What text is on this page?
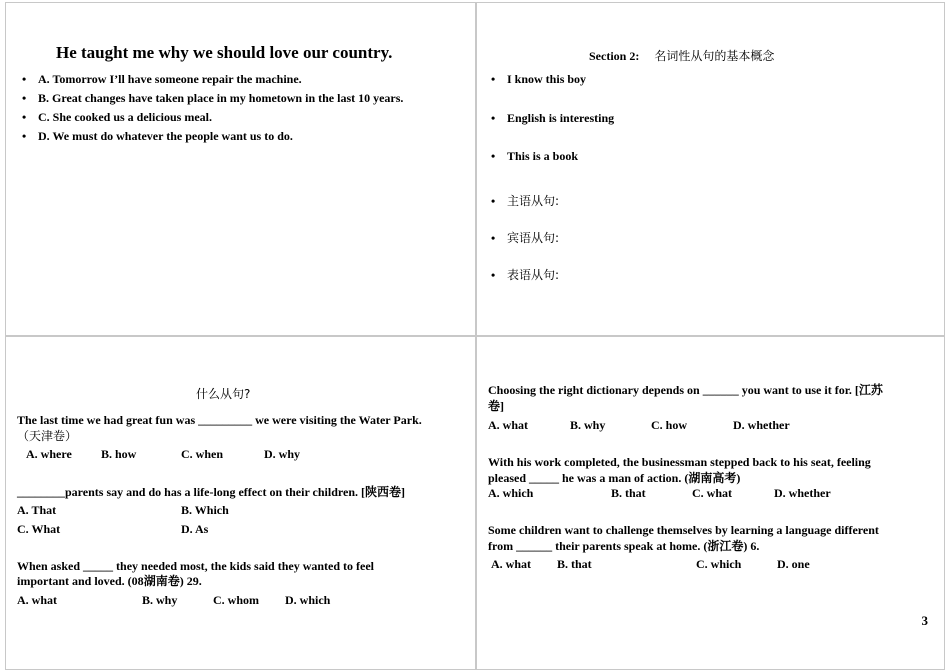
He taught me why we should love our country.
• A. Tomorrow I’ll have someone repair the machine.
• B. Great changes have taken place in my hometown in the last 10 years.
• C. She cooked us a delicious meal.
• D. We must do whatever the people want us to do.
Section 2: 名词性从句的基本概念
• I know this boy
• English is interesting
• This is a book
• 主语从句:
• 宾语从句:
• 表语从句:
什么从句?
The last time we had great fun was _________ we were visiting the Water Park.
（天津卷）
A. where B. how	C. when	D. why
________parents say and do has a life-long effect on their children. [陕西卷]
A. That	B. Which
C. What	D. As
When asked _____ they needed most, the kids said they wanted to feel
important and loved. (08湖南卷) 29.
A. what	B. why	C. whom D. which
Choosing the right dictionary depends on ______ you want to use it for. [江苏
卷]
A. what	B. why	C. how	D. whether
With his work completed, the businessman stepped back to his seat, feeling
pleased _____ he was a man of action. (湖南高考)
A. which	B. that	C. what	D. whether
Some children want to challenge themselves by learning a language different
from ______ their parents speak at home. (浙江卷) 6.
A. what B. that	C. which	D. one
3
